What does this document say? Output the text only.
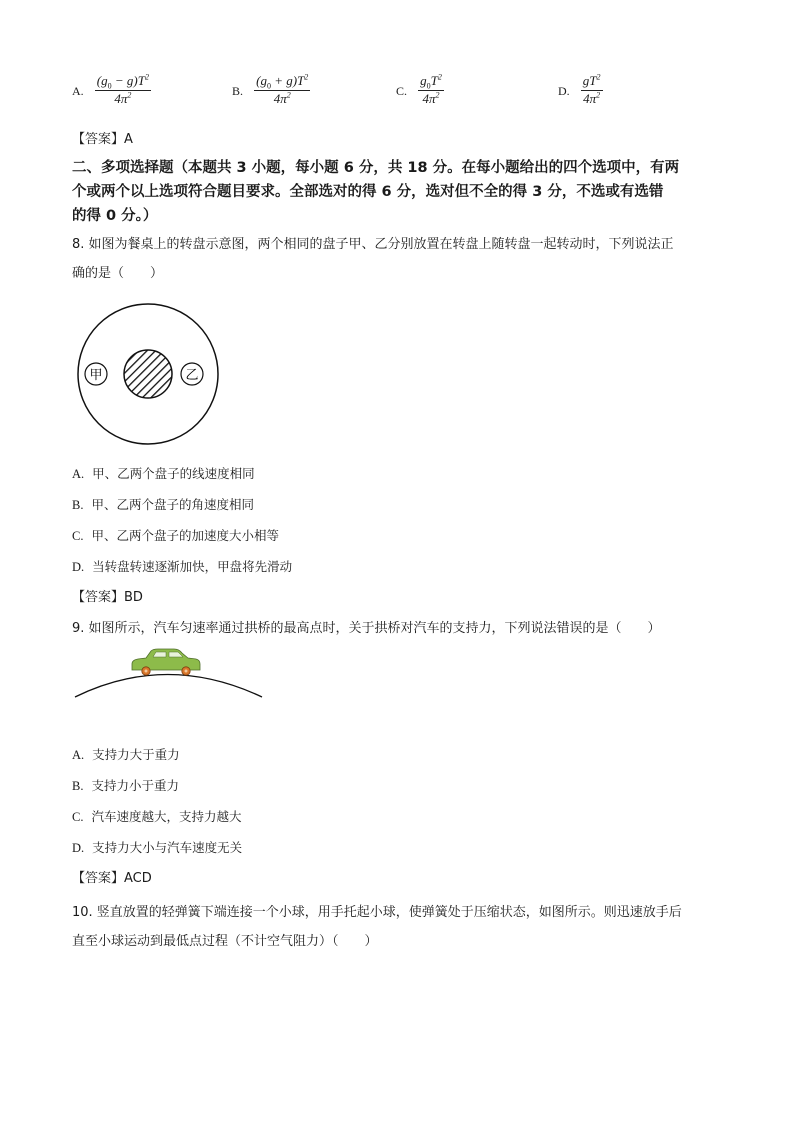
A. $\frac{(g_0 - g)T^2}{4\pi^2}$	B. $\frac{(g_0 + g)T^2}{4\pi^2}$	C. $\frac{g_0T^2}{4\pi^2}$	D. $\frac{gT^2}{4\pi^2}$
【答案】A
二、多项选择题（本题共 3 小题，每小题 6 分，共 18 分。在每小题给出的四个选项中，有两
个或两个以上选项符合题目要求。全部选对的得 6 分，选对但不全的得 3 分，不选或有选错
的得 0 分。）
8. 如图为餐桌上的转盘示意图，两个相同的盘子甲、乙分别放置在转盘上随转盘一起转动时，下列说法正
确的是（　　）
甲	乙
A. 甲、乙两个盘子的线速度相同
B. 甲、乙两个盘子的角速度相同
C. 甲、乙两个盘子的加速度大小相等
D. 当转盘转速逐渐加快，甲盘将先滑动
【答案】BD
9. 如图所示，汽车匀速率通过拱桥的最高点时，关于拱桥对汽车的支持力，下列说法错误的是（　　）
A. 支持力大于重力
B. 支持力小于重力
C. 汽车速度越大，支持力越大
D. 支持力大小与汽车速度无关
【答案】ACD
10. 竖直放置的轻弹簧下端连接一个小球，用手托起小球，使弹簧处于压缩状态，如图所示。则迅速放手后
直至小球运动到最低点过程（不计空气阻力）（　　）
